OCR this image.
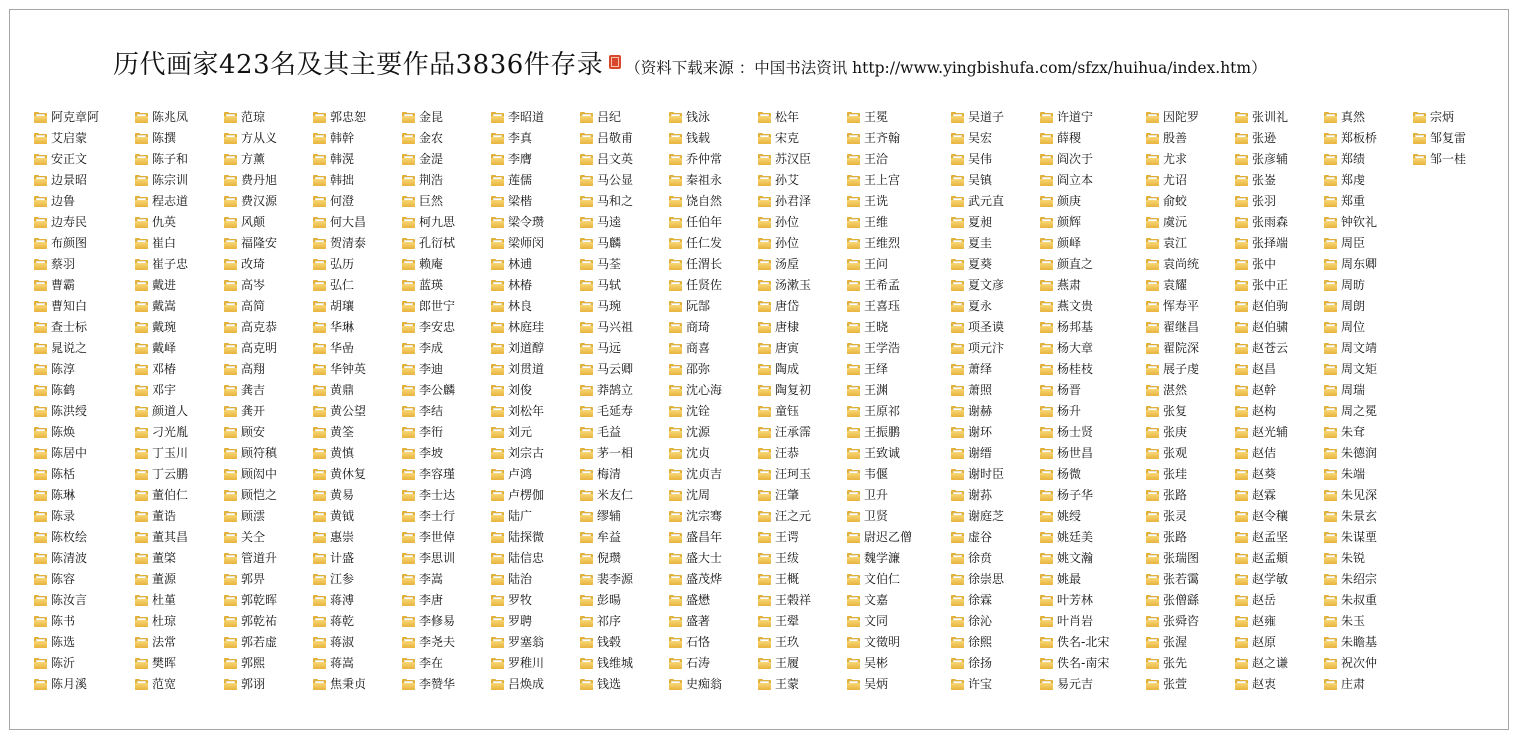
历代画家423名及其主要作品3836件存录 （资料下载来源 ：中国书法资讯 http://www.yingbishufa.com/sfzx/huihua/index.htm）
阿克章阿
艾启蒙
安正文
边景昭
边鲁
边寿民
布颜图
蔡羽
曹霸
曹知白
查士标
晁说之
陈淳
陈鹤
陈洪绶
陈焕
陈居中
陈栝
陈琳
陈录
陈枚绘
陈清波
陈容
陈汝言
陈书
陈选
陈沂
陈月溪
陈兆凤
陈撰
陈子和
陈宗训
程志道
仇英
崔白
崔子忠
戴进
戴嵩
戴琬
戴峄
邓椿
邓宇
颜道人
刁光胤
丁玉川
丁云鹏
董伯仁
董诰
董其昌
董棨
董源
杜堇
杜琼
法常
樊晖
范宽
范琼
方从义
方薰
费丹旭
费汉源
风颠
福隆安
改琦
高岑
高简
高克恭
高克明
高翔
龚吉
龚开
顾安
顾符稹
顾闳中
顾恺之
顾澐
关仝
管道升
郭畀
郭乾晖
郭乾祐
郭若虚
郭熙
郭诩
郭忠恕
韩幹
韩滉
韩拙
何澄
何大昌
贺清泰
弘历
弘仁
胡瓖
华琳
华嵒
华钟英
黄鼎
黄公望
黄筌
黄慎
黄休复
黄易
黄钺
惠崇
计盛
江参
蒋溥
蒋乾
蒋淑
蒋嵩
焦秉贞
金昆
金农
金湜
荆浩
巨然
柯九思
孔衍栻
赖庵
蓝瑛
郎世宁
李安忠
李成
李迪
李公麟
李结
李衎
李坡
李容瑾
李士达
李士行
李世倬
李思训
李嵩
李唐
李修易
李尧夫
李在
李赞华
李昭道
李真
李膺
莲儒
梁楷
梁令瓒
梁师闵
林逋
林椿
林良
林庭珪
刘道醇
刘贯道
刘俊
刘松年
刘元
刘宗古
卢鸿
卢楞伽
陆广
陆探微
陆信忠
陆治
罗牧
罗聘
罗塞翁
罗稚川
吕焕成
吕纪
吕敬甫
吕文英
马公显
马和之
马逵
马麟
马荃
马轼
马琬
马兴祖
马远
马云卿
莽鹄立
毛延寿
毛益
茅一相
梅清
米友仁
缪辅
牟益
倪瓒
裴李源
彭暘
祁序
钱毂
钱维城
钱选
钱泳
钱载
乔仲常
秦祖永
饶自然
任伯年
任仁发
任渭长
任贤佐
阮郜
商琦
商喜
邵弥
沈心海
沈铨
沈源
沈贞
沈贞吉
沈周
沈宗骞
盛昌年
盛大士
盛茂烨
盛懋
盛著
石恪
石涛
史痴翁
松年
宋克
苏汉臣
孙艾
孙君泽
孙位
孙位
汤垕
汤漱玉
唐岱
唐棣
唐寅
陶成
陶复初
童钰
汪承霈
汪恭
汪珂玉
汪肇
汪之元
王谔
王绂
王概
王榖祥
王翚
王玖
王履
王蒙
王冕
王齐翰
王洽
王上宫
王诜
王维
王维烈
王问
王希孟
王喜珏
王晓
王学浩
王绎
王渊
王原祁
王振鹏
王致诚
韦偃
卫升
卫贤
尉迟乙僧
魏学濂
文伯仁
文嘉
文同
文徵明
吴彬
吴炳
吴道子
吴宏
吴伟
吴镇
武元直
夏昶
夏圭
夏葵
夏文彦
夏永
项圣谟
项元汴
萧绎
萧照
谢赫
谢环
谢缙
谢时臣
谢荪
谢庭芝
虚谷
徐贲
徐崇思
徐霖
徐沁
徐熙
徐扬
许宝
许道宁
薛稷
阎次于
阎立本
颜庚
颜辉
颜峄
颜直之
燕肃
燕文贵
杨邦基
杨大章
杨桂枝
杨晋
杨升
杨士贤
杨世昌
杨微
杨子华
姚绶
姚廷美
姚文瀚
姚最
叶芳林
叶肖岩
佚名-北宋
佚名-南宋
易元吉
因陀罗
殷善
尤求
尤诏
俞蛟
虞沅
袁江
袁尚统
袁耀
恽寿平
翟继昌
翟院深
展子虔
湛然
张复
张庚
张观
张珪
张路
张灵
张路
张瑞图
张若霭
张僧繇
张舜咨
张渥
张先
张萱
张训礼
张逊
张彦辅
张崟
张羽
张雨森
张择端
张中
张中正
赵伯驹
赵伯骕
赵苍云
赵昌
赵幹
赵构
赵光辅
赵佶
赵葵
赵霖
赵令穰
赵孟坚
赵孟頫
赵学敏
赵岳
赵雍
赵原
赵之谦
赵衷
真然
郑板桥
郑绩
郑虔
郑重
钟钦礼
周臣
周东卿
周昉
周朗
周位
周文靖
周文矩
周瑞
周之冕
朱耷
朱德润
朱端
朱见深
朱景玄
朱谋垔
朱锐
朱绍宗
朱叔重
朱玉
朱瞻基
祝次仲
庄肃
宗炳
邹复雷
邹一桂
